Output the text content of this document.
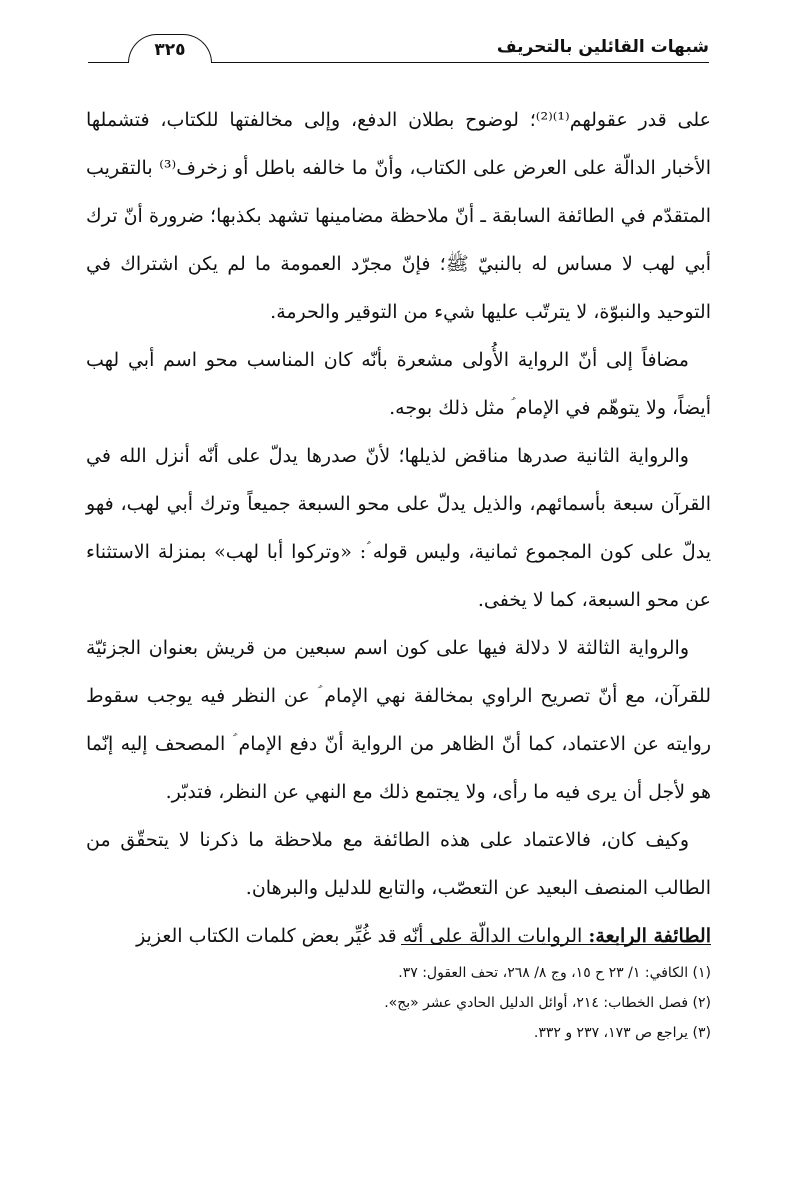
شبهات القائلين بالتحريف
٣٢٥

على قدر عقولهم⁽¹⁾⁽²⁾؛ لوضوح بطلان الدفع، وإلى مخالفتها للكتاب، فتشملها الأخبار الدالّة على العرض على الكتاب، وأنّ ما خالفه باطل أو زخرف⁽³⁾ بالتقريب المتقدّم في الطائفة السابقة ـ أنّ ملاحظة مضامينها تشهد بكذبها؛ ضرورة أنّ ترك أبي لهب لا مساس له بالنبيّ ﷺ؛ فإنّ مجرّد العمومة ما لم يكن اشتراك في التوحيد والنبوّة، لا يترتّب عليها شيء من التوقير والحرمة.

مضافاً إلى أنّ الرواية الأُولى مشعرة بأنّه كان المناسب محو اسم أبي لهب أيضاً، ولا يتوهّم في الإمام ؑ مثل ذلك بوجه.

والرواية الثانية صدرها مناقض لذيلها؛ لأنّ صدرها يدلّ على أنّه أنزل الله في القرآن سبعة بأسمائهم، والذيل يدلّ على محو السبعة جميعاً وترك أبي لهب، فهو يدلّ على كون المجموع ثمانية، وليس قوله ؑ: «وتركوا أبا لهب» بمنزلة الاستثناء عن محو السبعة، كما لا يخفى.

والرواية الثالثة لا دلالة فيها على كون اسم سبعين من قريش بعنوان الجزئيّة للقرآن، مع أنّ تصريح الراوي بمخالفة نهي الإمام ؑ عن النظر فيه يوجب سقوط روايته عن الاعتماد، كما أنّ الظاهر من الرواية أنّ دفع الإمام ؑ المصحف إليه إنّما هو لأجل أن يرى فيه ما رأى، ولا يجتمع ذلك مع النهي عن النظر، فتدبّر.

وكيف كان، فالاعتماد على هذه الطائفة مع ملاحظة ما ذكرنا لا يتحقّق من الطالب المنصف البعيد عن التعصّب، والتابع للدليل والبرهان.

الطائفة الرابعة: الروايات الدالّة على أنّه قد غُيِّر بعض كلمات الكتاب العزيز

(١) الكافي: ١/ ٢٣ ح ١٥، وج ٨/ ٢٦٨، تحف العقول: ٣٧.

(٢) فصل الخطاب: ٢١٤، أوائل الدليل الحادي عشر «بج».

(٣) يراجع ص ١٧٣، ٢٣٧ و ٣٣٢.
